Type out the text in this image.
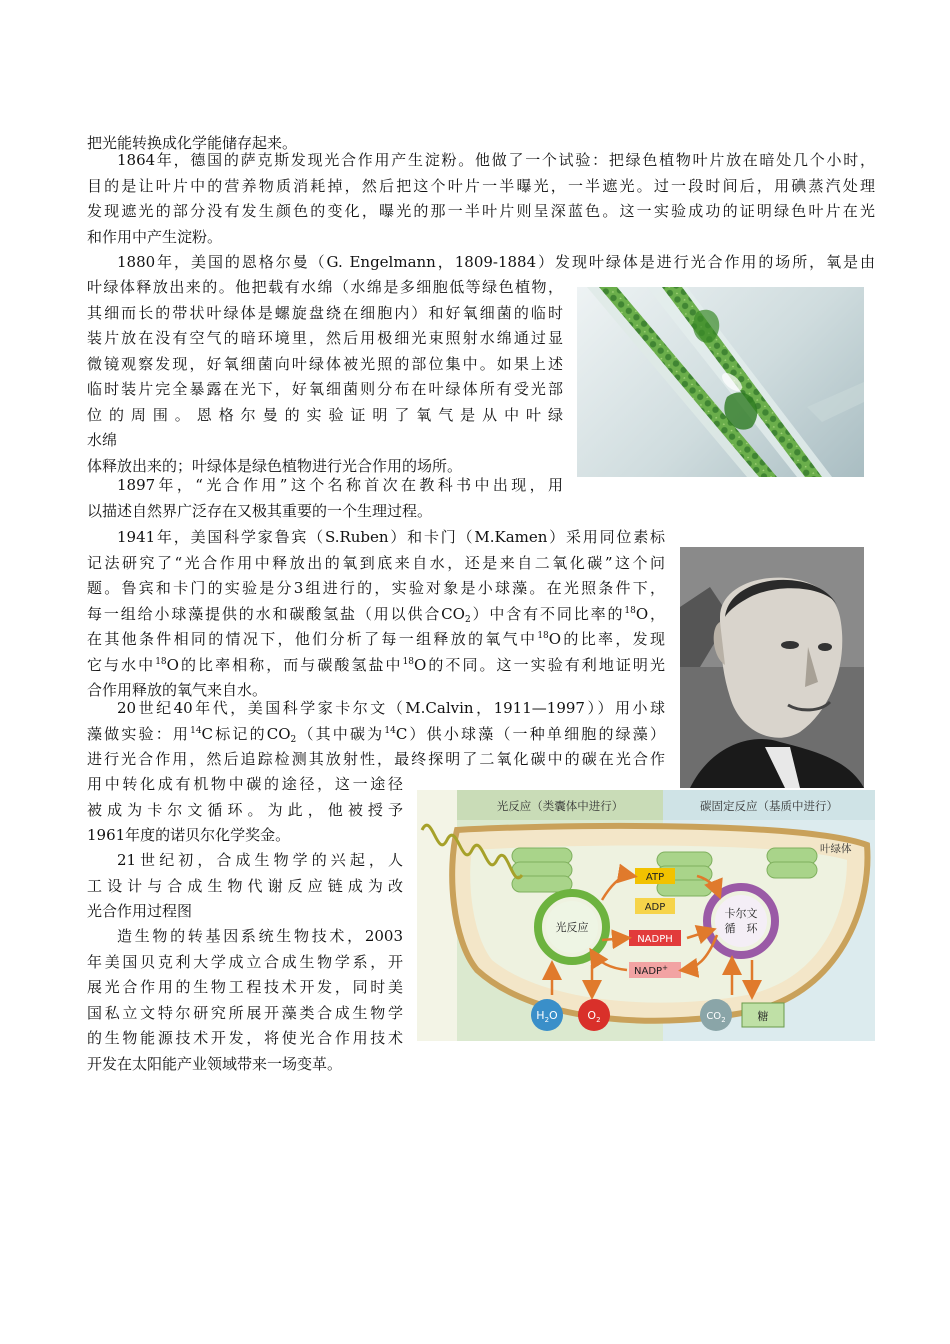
把光能转换成化学能储存起来。

1864年，德国的萨克斯发现光合作用产生淀粉。他做了一个试验：把绿色植物叶片放在暗处几个小时，
目的是让叶片中的营养物质消耗掉，然后把这个叶片一半曝光，一半遮光。过一段时间后，用碘蒸汽处理
发现遮光的部分没有发生颜色的变化，曝光的那一半叶片则呈深蓝色。这一实验成功的证明绿色叶片在光
和作用中产生淀粉。
1880年，美国的恩格尔曼（G. Engelmann，1809-1884）发现叶绿体是进行光合作用的场所，氧是由
叶绿体释放出来的。他把载有水绵（水绵是多细胞低等绿色植物，
其细而长的带状叶绿体是螺旋盘绕在细胞内）和好氧细菌的临时
装片放在没有空气的暗环境里，然后用极细光束照射水绵通过显
微镜观察发现，好氧细菌向叶绿体被光照的部位集中。如果上述
临时装片完全暴露在光下，好氧细菌则分布在叶绿体所有受光部
位的周围。恩格尔曼的实验证明了氧气是从中叶绿
水绵
体释放出来的；叶绿体是绿色植物进行光合作用的场所。
1897年，“光合作用”这个名称首次在教科书中出现，用
以描述自然界广泛存在又极其重要的一个生理过程。
1941年，美国科学家鲁宾（S.Ruben）和卡门（M.Kamen）采用同位素标
记法研究了“光合作用中释放出的氧到底来自水，还是来自二氧化碳”这个问
题。鲁宾和卡门的实验是分3组进行的，实验对象是小球藻。在光照条件下，
每一组给小球藻提供的水和碳酸氢盐（用以供合$CO_2$）中含有不同比率的$^{18}$O，
在其他条件相同的情况下，他们分析了每一组释放的氧气中$^{18}$O的比率，发现
它与水中$^{18}$O的比率相称，而与碳酸氢盐中$^{18}$O的不同。这一实验有利地证明光
合作用释放的氧气来自水。
20世纪40年代，美国科学家卡尔文（M.Calvin，1911—1997））用小球
藻做实验：用$^{14}$C标记的$CO_2$（其中碳为$^{14}$C）供小球藻（一种单细胞的绿藻）
进行光合作用，然后追踪检测其放射性，最终探明了二氧化碳中的碳在光合作
用中转化成有机物中碳的途径，这一途径
被成为卡尔文循环。为此，他被授予
1961年度的诺贝尔化学奖金。
21世纪初，合成生物学的兴起，人
工设计与合成生物代谢反应链成为改
光合作用过程图
造生物的转基因系统生物技术，2003
年美国贝克利大学成立合成生物学系，开
展光合作用的生物工程技术开发，同时美
国私立文特尔研究所展开藻类合成生物学
的生物能源技术开发，将使光合作用技术
开发在太阳能产业领域带来一场变革。
光反应（类囊体中进行）	碳固定反应（基质中进行）
叶绿体
光反应
卡尔文
循　环
ATP
ADP
NADPH
NADP+
$H_2O$	$O_2$	$CO_2$	糖
